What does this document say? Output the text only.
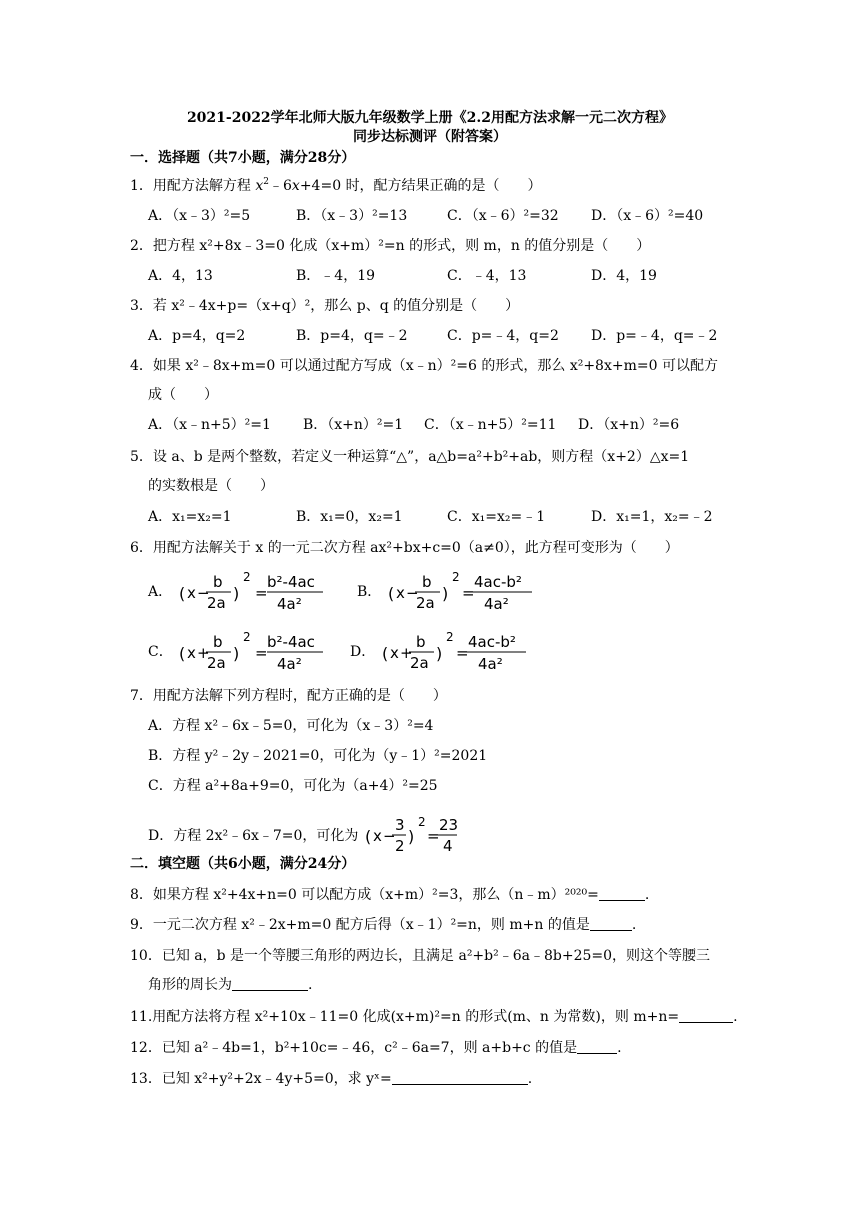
2021-2022学年北师大版九年级数学上册《2.2用配方法求解一元二次方程》
同步达标测评（附答案）
一．选择题（共7小题，满分28分）
1．用配方法解方程 $x^2﹣6x+4=0$ 时，配方结果正确的是（　　）
A．（x﹣3）²=5	B．（x﹣3）²=13	C．（x﹣6）²=32 D．（x﹣6）²=40
2．把方程 x²+8x﹣3=0 化成（x+m）²=n 的形式，则 m，n 的值分别是（　　）
A．4，13	B．﹣4，19	C．﹣4，13	D．4，19
3．若 x²﹣4x+p=（x+q）²，那么 p、q 的值分别是（　　）
A．p=4，q=2	B．p=4，q=﹣2	C．p=﹣4，q=2 D．p=﹣4，q=﹣2
4．如果 x²﹣8x+m=0 可以通过配方写成（x﹣n）²=6 的形式，那么 x²+8x+m=0 可以配方
成（　　）
A．（x﹣n+5）²=1 B．（x+n）²=1 C．（x﹣n+5）²=11 D．（x+n）²=6
5．设 a、b 是两个整数，若定义一种运算“△”，a△b=a²+b²+ab，则方程（x+2）△x=1
的实数根是（　　）
A．x₁=x₂=1	B．x₁=0，x₂=1	C．x₁=x₂=﹣1	D．x₁=1，x₂=﹣2
6．用配方法解关于 x 的一元二次方程 ax²+bx+c=0（a≠0），此方程可变形为（　　）
A． ( x −
b
2a )
2
=
b²-4ac
4a²
B． ( x −
b
2a )
2
=
4ac-b²
4a²
C． ( x +
b
2a )
2
=
b²-4ac
4a²
D． ( x +
b
2a )
2
=
4ac-b²
4a²
7．用配方法解下列方程时，配方正确的是（　　）
A．方程 x²﹣6x﹣5=0，可化为（x﹣3）²=4
B．方程 y²﹣2y﹣2021=0，可化为（y﹣1）²=2021
C．方程 a²+8a+9=0，可化为（a+4）²=25
D．方程 2x²﹣6x﹣7=0，可化为 ( x −
3
2 )
2
=
23
4
二．填空题（共6小题，满分24分）
8．如果方程 x²+4x+n=0 可以配方成（x+m）²=3，那么（n﹣m）²⁰²⁰=	.
9．一元二次方程 x²﹣2x+m=0 配方后得（x﹣1）²=n，则 m+n 的值是	.
10．已知 a，b 是一个等腰三角形的两边长，且满足 a²+b²﹣6a﹣8b+25=0，则这个等腰三
角形的周长为	.
11.用配方法将方程 x²+10x﹣11=0 化成(x+m)²=n 的形式(m、n 为常数)，则 m+n=	.
12．已知 a²﹣4b=1，b²+10c=﹣46，c²﹣6a=7，则 a+b+c 的值是	.
13．已知 x²+y²+2x﹣4y+5=0，求 yˣ=	.
